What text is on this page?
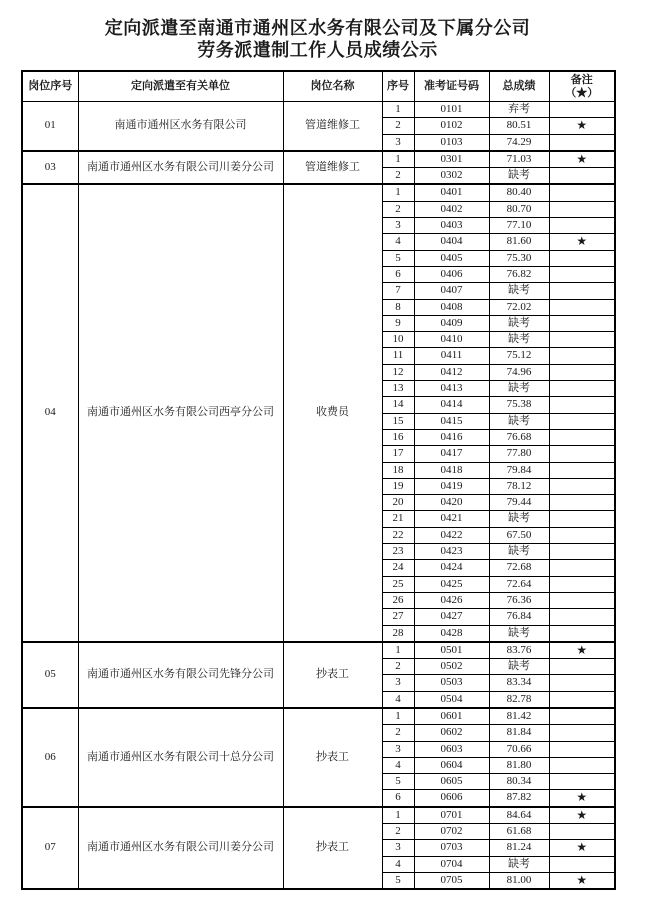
定向派遣至南通市通州区水务有限公司及下属分公司
劳务派遣制工作人员成绩公示
岗位序号	定向派遣至有关单位	岗位名称	序号	准考证号码	总成绩	备注
（★）

01	南通市通州区水务有限公司	管道维修工	1	0101	弃考	
			2	0102	80.51	★
			3	0103	74.29	
03	南通市通州区水务有限公司川姜分公司	管道维修工	1	0301	71.03	★
			2	0302	缺考	
04	南通市通州区水务有限公司西亭分公司	收费员	1	0401	80.40	
			2	0402	80.70	
			3	0403	77.10	
			4	0404	81.60	★
			5	0405	75.30	
			6	0406	76.82	
			7	0407	缺考	
			8	0408	72.02	
			9	0409	缺考	
			10	0410	缺考	
			11	0411	75.12	
			12	0412	74.96	
			13	0413	缺考	
			14	0414	75.38	
			15	0415	缺考	
			16	0416	76.68	
			17	0417	77.80	
			18	0418	79.84	
			19	0419	78.12	
			20	0420	79.44	
			21	0421	缺考	
			22	0422	67.50	
			23	0423	缺考	
			24	0424	72.68	
			25	0425	72.64	
			26	0426	76.36	
			27	0427	76.84	
			28	0428	缺考	
05	南通市通州区水务有限公司先锋分公司	抄表工	1	0501	83.76	★
			2	0502	缺考	
			3	0503	83.34	
			4	0504	82.78	
06	南通市通州区水务有限公司十总分公司	抄表工	1	0601	81.42	
			2	0602	81.84	
			3	0603	70.66	
			4	0604	81.80	
			5	0605	80.34	
			6	0606	87.82	★
07	南通市通州区水务有限公司川姜分公司	抄表工	1	0701	84.64	★
			2	0702	61.68	
			3	0703	81.24	★
			4	0704	缺考	
			5	0705	81.00	★
